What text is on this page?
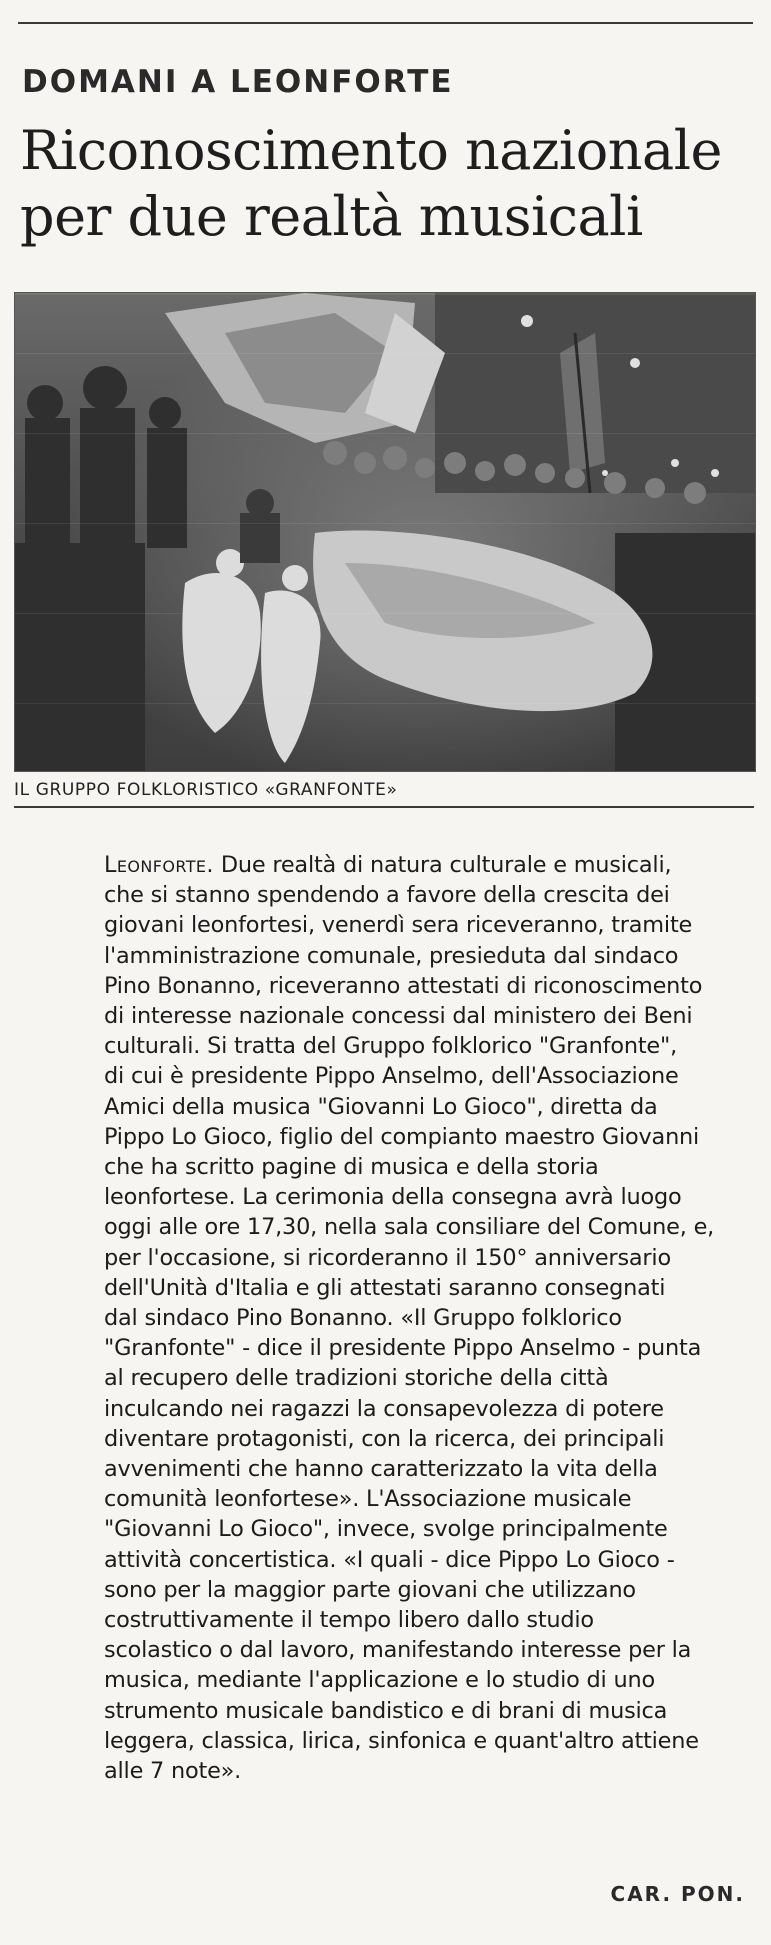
DOMANI A LEONFORTE
Riconoscimento nazionale
per due realtà musicali
IL GRUPPO FOLKLORISTICO «GRANFONTE»
Leonforte. Due realtà di natura culturale e musicali,
che si stanno spendendo a favore della crescita dei
giovani leonfortesi, venerdì sera riceveranno, tramite
l'amministrazione comunale, presieduta dal sindaco
Pino Bonanno, riceveranno attestati di riconoscimento
di interesse nazionale concessi dal ministero dei Beni
culturali. Si tratta del Gruppo folklorico "Granfonte",
di cui è presidente Pippo Anselmo, dell'Associazione
Amici della musica "Giovanni Lo Gioco", diretta da
Pippo Lo Gioco, figlio del compianto maestro Giovanni
che ha scritto pagine di musica e della storia
leonfortese. La cerimonia della consegna avrà luogo
oggi alle ore 17,30, nella sala consiliare del Comune, e,
per l'occasione, si ricorderanno il 150° anniversario
dell'Unità d'Italia e gli attestati saranno consegnati
dal sindaco Pino Bonanno. «Il Gruppo folklorico
"Granfonte" - dice il presidente Pippo Anselmo - punta
al recupero delle tradizioni storiche della città
inculcando nei ragazzi la consapevolezza di potere
diventare protagonisti, con la ricerca, dei principali
avvenimenti che hanno caratterizzato la vita della
comunità leonfortese». L'Associazione musicale
"Giovanni Lo Gioco", invece, svolge principalmente
attività concertistica. «I quali - dice Pippo Lo Gioco -
sono per la maggior parte giovani che utilizzano
costruttivamente il tempo libero dallo studio
scolastico o dal lavoro, manifestando interesse per la
musica, mediante l'applicazione e lo studio di uno
strumento musicale bandistico e di brani di musica
leggera, classica, lirica, sinfonica e quant'altro attiene
alle 7 note».
CAR. PON.
